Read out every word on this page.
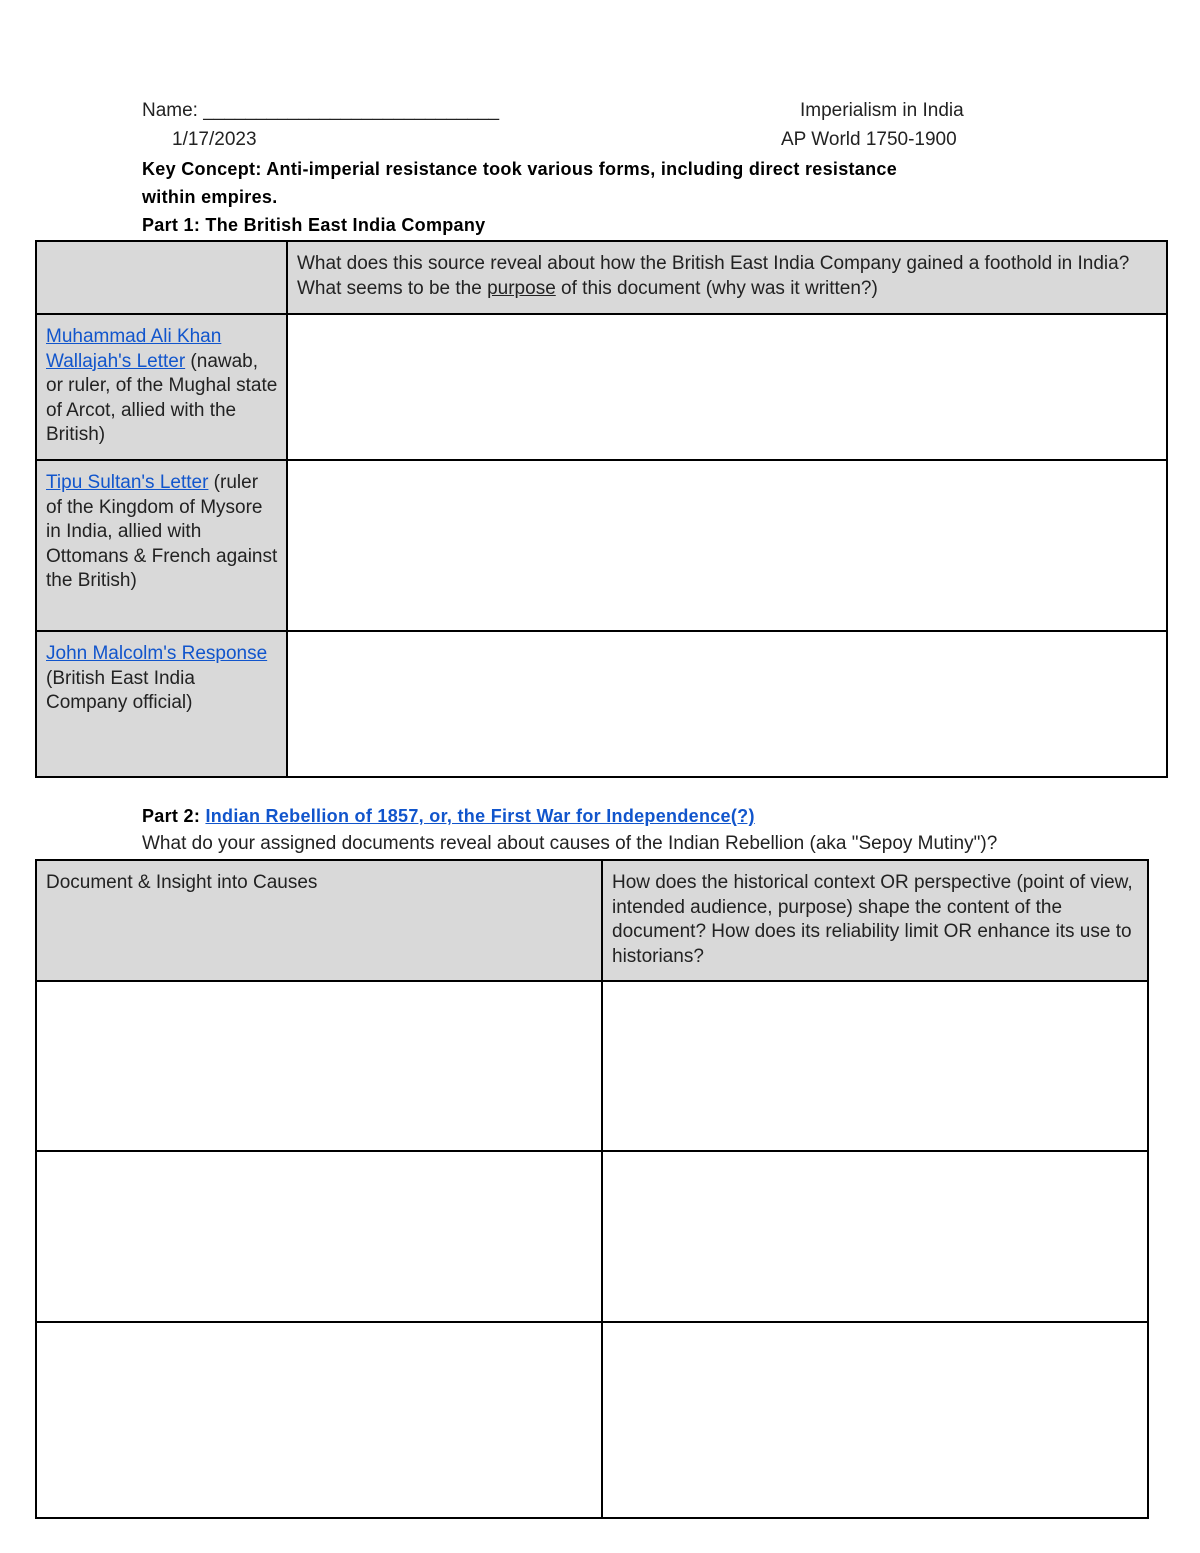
Name: ____________________________
1/17/2023
Imperialism in India
AP World 1750-1900
Key Concept: Anti-imperial resistance took various forms, including direct resistance
within empires.
Part 1: The British East India Company
	What does this source reveal about how the British East India Company gained a foothold in India? What seems to be the purpose of this document (why was it written?)
Muhammad Ali Khan Wallajah's Letter (nawab, or ruler, of the Mughal state of Arcot, allied with the British)	
Tipu Sultan's Letter (ruler of the Kingdom of Mysore in India, allied with Ottomans & French against the British)	
John Malcolm's Response (British East India Company official)	
Part 2: Indian Rebellion of 1857, or, the First War for Independence(?)
What do your assigned documents reveal about causes of the Indian Rebellion (aka "Sepoy Mutiny")?
Document & Insight into Causes	How does the historical context OR perspective (point of view, intended audience, purpose) shape the content of the document? How does its reliability limit OR enhance its use to historians?
